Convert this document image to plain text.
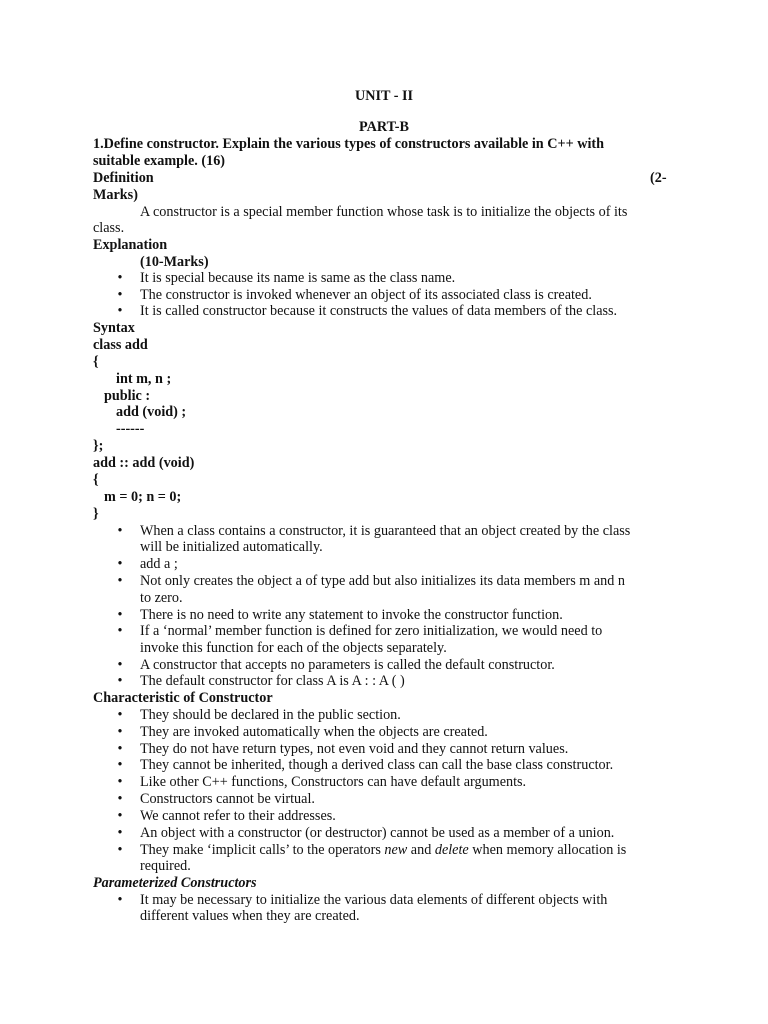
UNIT - II
PART-B
1.Define constructor. Explain the various types of constructors available in C++ with
suitable example. (16)
Definition	(2-
Marks)
A constructor is a special member function whose task is to initialize the objects of its
class.
Explanation
(10-Marks)
• It is special because its name is same as the class name.
• The constructor is invoked whenever an object of its associated class is created.
• It is called constructor because it constructs the values of data members of the class.
Syntax
class add
{
int m, n ;
public :
add (void) ;
------
};
add :: add (void)
{
m = 0; n = 0;
}
• When a class contains a constructor, it is guaranteed that an object created by the class
will be initialized automatically.
• add a ;
• Not only creates the object a of type add but also initializes its data members m and n
to zero.
• There is no need to write any statement to invoke the constructor function.
• If a ‘normal’ member function is defined for zero initialization, we would need to
invoke this function for each of the objects separately.
• A constructor that accepts no parameters is called the default constructor.
• The default constructor for class A is A : : A ( )
Characteristic of Constructor
• They should be declared in the public section.
• They are invoked automatically when the objects are created.
• They do not have return types, not even void and they cannot return values.
• They cannot be inherited, though a derived class can call the base class constructor.
• Like other C++ functions, Constructors can have default arguments.
• Constructors cannot be virtual.
• We cannot refer to their addresses.
• An object with a constructor (or destructor) cannot be used as a member of a union.
• They make ‘implicit calls’ to the operators new and delete when memory allocation is
required.
Parameterized Constructors
• It may be necessary to initialize the various data elements of different objects with
different values when they are created.
